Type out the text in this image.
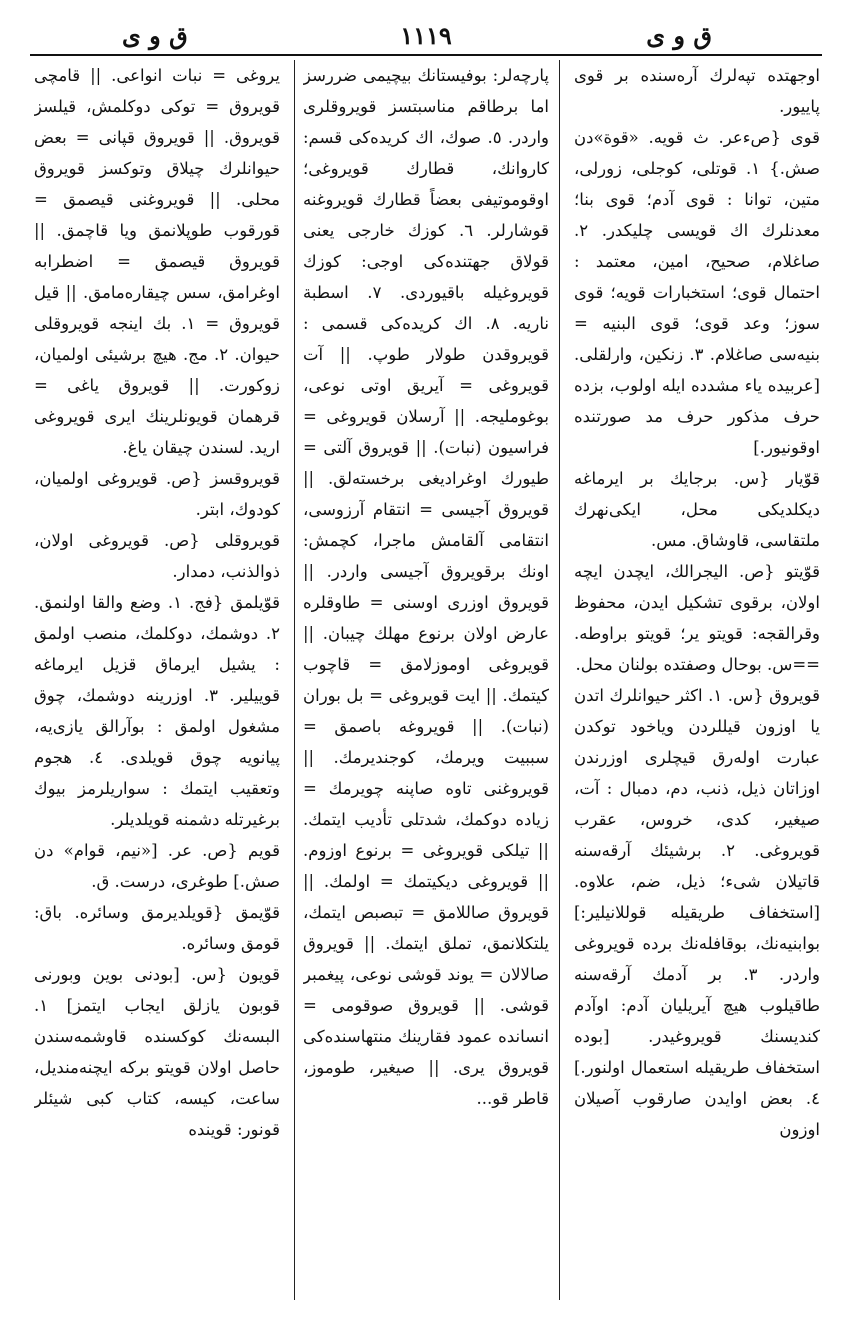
ق و ی	١١١٩	ق و ی

اوجهتده تپه‌لرك آره‌سنده بر قوی پاییور.

قوی {صءعر. ث قویه. «قوة»دن صش.} ١. قوتلی، کوجلی، زورلی، متین، توانا : قوی آدم؛ قوی بنا؛ معدنلرك اك قویسی چلیکدر. ٢. صاغلام، صحیح، امین، معتمد : احتمال قوی؛ استخبارات قویه؛ قوی سوز؛ وعد قوی؛ قوی البنیه = بنیه‌سی صاغلام. ٣. زنکین، وارلقلی. [عربیده یاء مشدده ایله اولوب، بزده حرف مذکور حرف مد صورتنده اوقونیور.]

قوّیار {س. برجایك بر ایرماغه دیکلدیکی محل، ایکی‌نهرك ملتقاسی، قاوشاق. مس.

قوّیتو {ص. الیجرالك، ایچدن ایچه اولان، برقوی تشکیل ایدن، محفوظ وقرالقجه: قویتو یر؛ قویتو براوطه. ==س. بوحال وصفتده بولنان محل.

قویروق {س. ١. اکثر حیوانلرك اتدن یا اوزون قیللردن ویاخود توکدن عبارت اولەرق قیچلری اوزرندن اوزاتان ذیل، ذنب، دم، دمبال : آت، صیغیر، کدی، خروس، عقرب قویروغی. ٢. برشیئك آرقه‌سنه قاتیلان شیء؛ ذیل، ضم، علاوه. [استخفاف طریقیله قوللانیلیر:] بوابنیه‌نك، بوقافله‌نك برده قویروغی واردر. ٣. بر آدمك آرقه‌سنه طاقیلوب هیچ آیریلیان آدم: اوآدم کندیسنك قویروغیدر. [بوده استخفاف طریقیله استعمال اولنور.] ٤. بعض اوایدن صارقوب آصیلان اوزون

پارچه‌لر: بوفیستانك بیچیمی ضررسز اما برطاقم مناسبتسز قویروقلری واردر. ٥. صوك، اك کریده‌کی قسم: کاروانك، قطارك قویروغی؛ اوقوموتیفی بعضاً قطارك قویروغنه قوشارلر. ٦. کوزك خارجی یعنی قولاق جهتنده‌کی اوجی: کوزك قویروغیله باقیوردی. ٧. اسطبة ناریه. ٨. اك کریده‌کی قسمی : قویروقدن طولار طوپ. || آت قویروغی = آیریق اوتی نوعی، بوغوملیجه. || آرسلان قویروغی = فراسیون (نبات). || قویروق آلتی = طیورك اوغراديغی برخسته‌لق. || قویروق آجیسی = انتقام آرزوسی، انتقامی آلقامش ماجرا، کچمش: اونك برقویروق آجیسی واردر. || قویروق اوزری اوسنی = طاوقلره عارض اولان برنوع مهلك چیبان. || قویروغی اوموزلامق = قاچوب کیتمك. || ایت قویروغی = بل بوران (نبات). || قویروغه باصمق = سببیت ویرمك، کوجندیرمك. || قویروغنی تاوه صاپنه چویرمك = زیاده دوکمك، شدتلی تأدیب ایتمك. || تیلکی قویروغی = برنوع اوزوم. || قویروغی دیکیتمك = اولمك. || قویروق صاللامق = تبصبص ایتمك، یلتکلانمق، تملق ایتمك. || قویروق صالالان = یوند قوشی نوعی، پیغمبر قوشی. || قویروق صوقومی = انسانده عمود فقارینك منتهاسنده‌کی قویروق یری. || صیغیر، طوموز، قاطر قو...

یروغی = نبات انواعی. || قامچی قویروق = توکی دوکلمش، قیلسز قویروق. || قویروق قپانی = بعض حیوانلرك چیلاق وتوکسز قویروق محلی. || قویروغنی قیصمق = قورقوب طوپلانمق ویا قاچمق. || قویروق قیصمق = اضطرابه اوغرامق، سس چیقاره‌مامق. || قیل قویروق = ١. بك اینجه قویروقلی حیوان. ٢. مج. هیچ برشیئی اولمیان، زوکورت. || قویروق یاغی = قرهمان قویونلرینك ایری قویروغی ارید. لسندن چیقان یاغ.

قویروقسز {ص. قویروغی اولمیان، کودوك، ابتر.

قویروقلی {ص. قویروغی اولان، ذوالذنب، دمدار.

قوّیلمق {فج. ١. وضع والقا اولنمق. ٢. دوشمك، دوکلمك، منصب اولمق : یشیل ایرماق قزیل ایرماغه قوییلیر. ٣. اوزرینه دوشمك، چوق مشغول اولمق : بوآرالق یازی‌یه، پیانویه چوق قویلدی. ٤. هجوم وتعقیب ایتمك : سواریلرمز بیوك برغیرتله دشمنه قویلدیلر.

قویم {ص. عر. [«نیم، قوام» دن صش.] طوغری، درست. ق.

قوّیمق {قویلدیرمق وسائره. باق: قومق وسائره.

قویون {س. [بودنی بوین وبورنی قوبون یازلق ایجاب ایتمز] ١. البسه‌نك کوکسنده قاوشمه‌سندن حاصل اولان قویتو برکه ایچنه‌مندیل، ساعت، کیسه، کتاب کبی شیئلر قونور: قوینده
